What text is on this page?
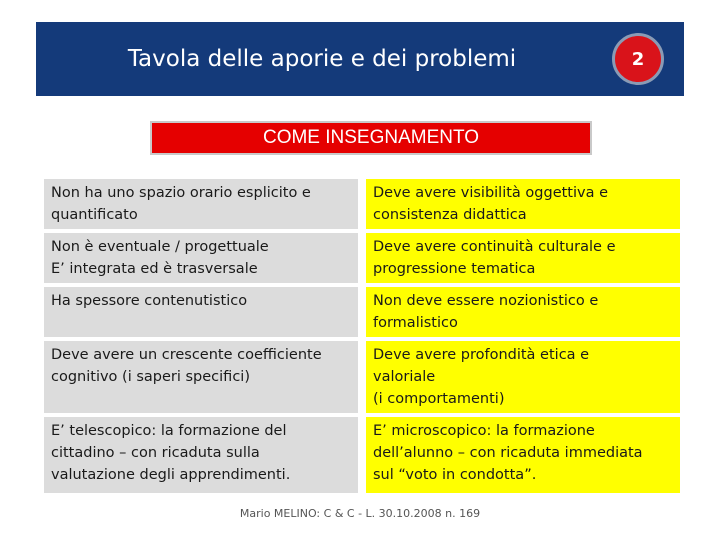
Tavola delle aporie e dei problemi	2
COME INSEGNAMENTO
Non ha uno spazio orario esplicito e
quantificato
Deve avere visibilità oggettiva e
consistenza didattica
Non è eventuale / progettuale
E’ integrata ed è trasversale
Deve avere continuità culturale e
progressione tematica
Ha spessore contenutistico	Non deve essere nozionistico e
formalistico
Deve avere un crescente coefficiente
cognitivo (i saperi specifici)
Deve avere profondità etica e
valoriale
(i comportamenti)
E’ telescopico: la formazione del
cittadino – con ricaduta sulla
valutazione degli apprendimenti.
E’ microscopico: la formazione
dell’alunno – con ricaduta immediata
sul “voto in condotta”.
Mario MELINO: C & C - L. 30.10.2008 n. 169
